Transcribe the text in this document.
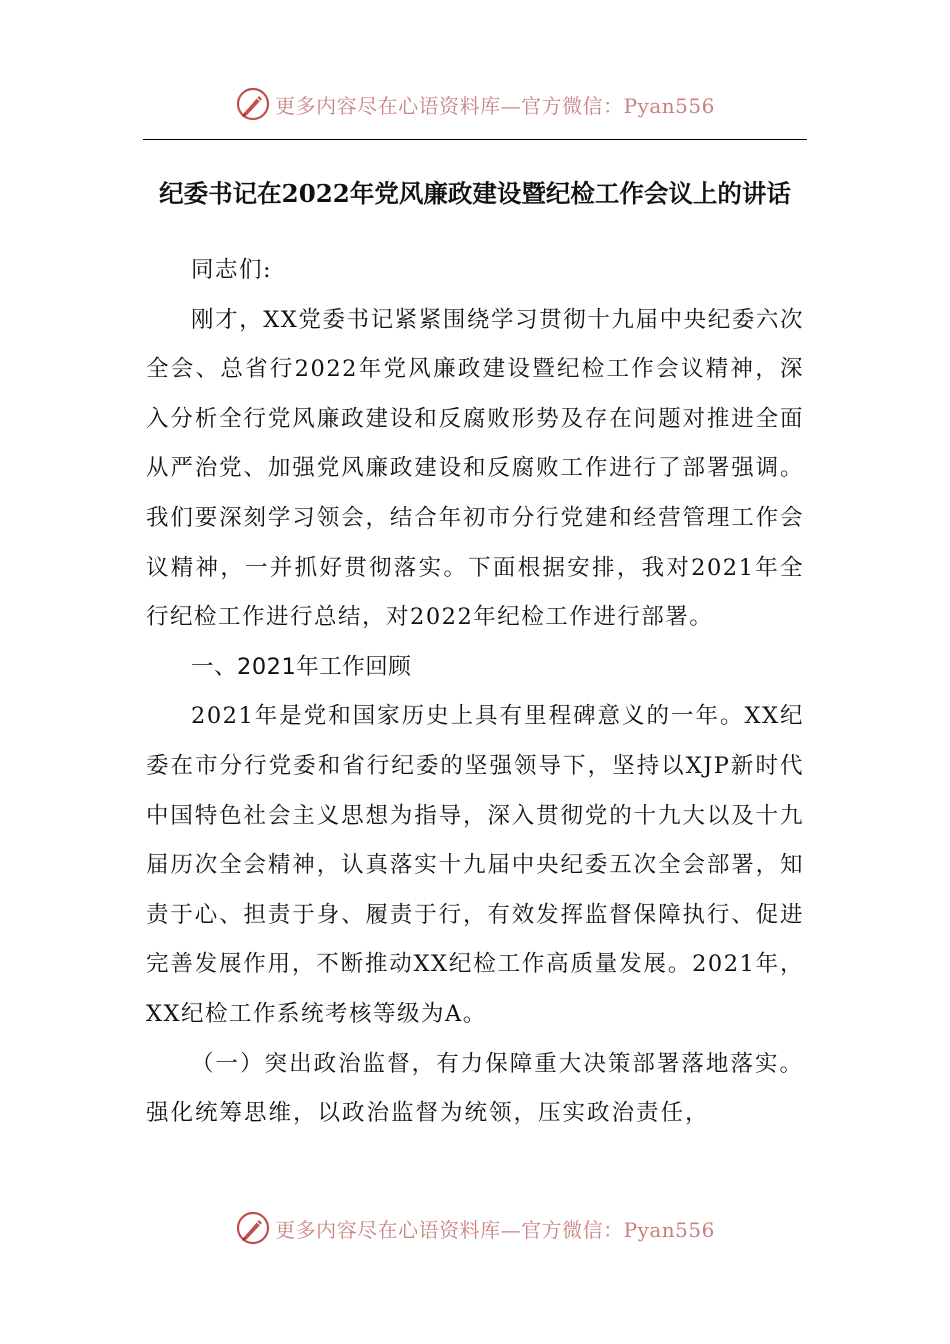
更多内容尽在心语资料库—官方微信：Pyan556
纪委书记在2022年党风廉政建设暨纪检工作会议上的讲话

同志们:

刚才，XX党委书记紧紧围绕学习贯彻十九届中央纪委六次全会、总省行2022年党风廉政建设暨纪检工作会议精神，深入分析全行党风廉政建设和反腐败形势及存在问题对推进全面从严治党、加强党风廉政建设和反腐败工作进行了部署强调。我们要深刻学习领会，结合年初市分行党建和经营管理工作会议精神，一并抓好贯彻落实。下面根据安排，我对2021年全行纪检工作进行总结，对2022年纪检工作进行部署。

一、2021年工作回顾

2021年是党和国家历史上具有里程碑意义的一年。XX纪委在市分行党委和省行纪委的坚强领导下，坚持以XJP新时代中国特色社会主义思想为指导，深入贯彻党的十九大以及十九届历次全会精神，认真落实十九届中央纪委五次全会部署，知责于心、担责于身、履责于行，有效发挥监督保障执行、促进完善发展作用，不断推动XX纪检工作高质量发展。2021年，XX纪检工作系统考核等级为A。

（一）突出政治监督，有力保障重大决策部署落地落实。强化统筹思维，以政治监督为统领，压实政治责任，

更多内容尽在心语资料库—官方微信：Pyan556
